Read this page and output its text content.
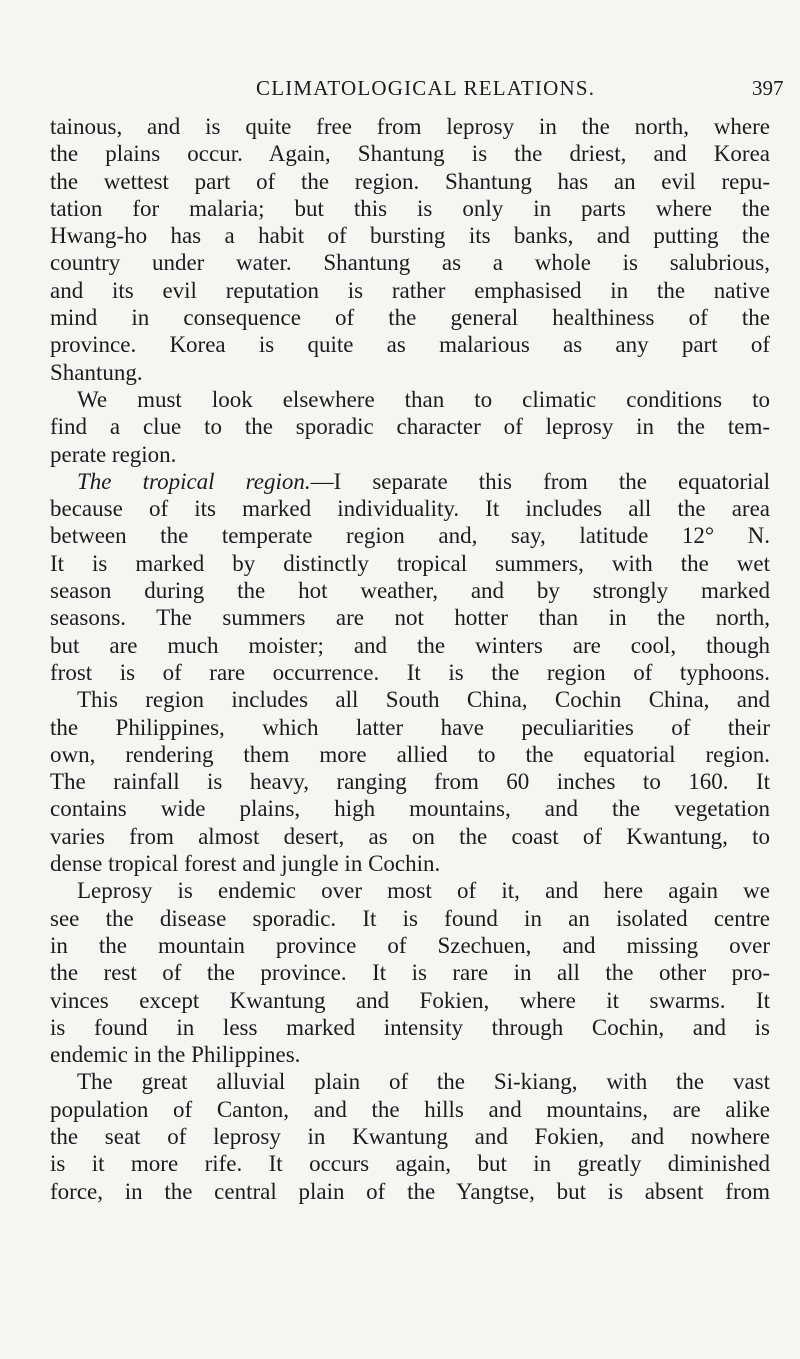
CLIMATOLOGICAL RELATIONS.	397
tainous, and is quite free from leprosy in the north, where
the plains occur. Again, Shantung is the driest, and Korea
the wettest part of the region. Shantung has an evil repu-
tation for malaria; but this is only in parts where the
Hwang-ho has a habit of bursting its banks, and putting the
country under water. Shantung as a whole is salubrious,
and its evil reputation is rather emphasised in the native
mind in consequence of the general healthiness of the
province. Korea is quite as malarious as any part of
Shantung.
We must look elsewhere than to climatic conditions to
find a clue to the sporadic character of leprosy in the tem-
perate region.
The tropical region.—I separate this from the equatorial
because of its marked individuality. It includes all the area
between the temperate region and, say, latitude 12° N.
It is marked by distinctly tropical summers, with the wet
season during the hot weather, and by strongly marked
seasons. The summers are not hotter than in the north,
but are much moister; and the winters are cool, though
frost is of rare occurrence. It is the region of typhoons.
This region includes all South China, Cochin China, and
the Philippines, which latter have peculiarities of their
own, rendering them more allied to the equatorial region.
The rainfall is heavy, ranging from 60 inches to 160. It
contains wide plains, high mountains, and the vegetation
varies from almost desert, as on the coast of Kwantung, to
dense tropical forest and jungle in Cochin.
Leprosy is endemic over most of it, and here again we
see the disease sporadic. It is found in an isolated centre
in the mountain province of Szechuen, and missing over
the rest of the province. It is rare in all the other pro-
vinces except Kwantung and Fokien, where it swarms. It
is found in less marked intensity through Cochin, and is
endemic in the Philippines.
The great alluvial plain of the Si-kiang, with the vast
population of Canton, and the hills and mountains, are alike
the seat of leprosy in Kwantung and Fokien, and nowhere
is it more rife. It occurs again, but in greatly diminished
force, in the central plain of the Yangtse, but is absent from
